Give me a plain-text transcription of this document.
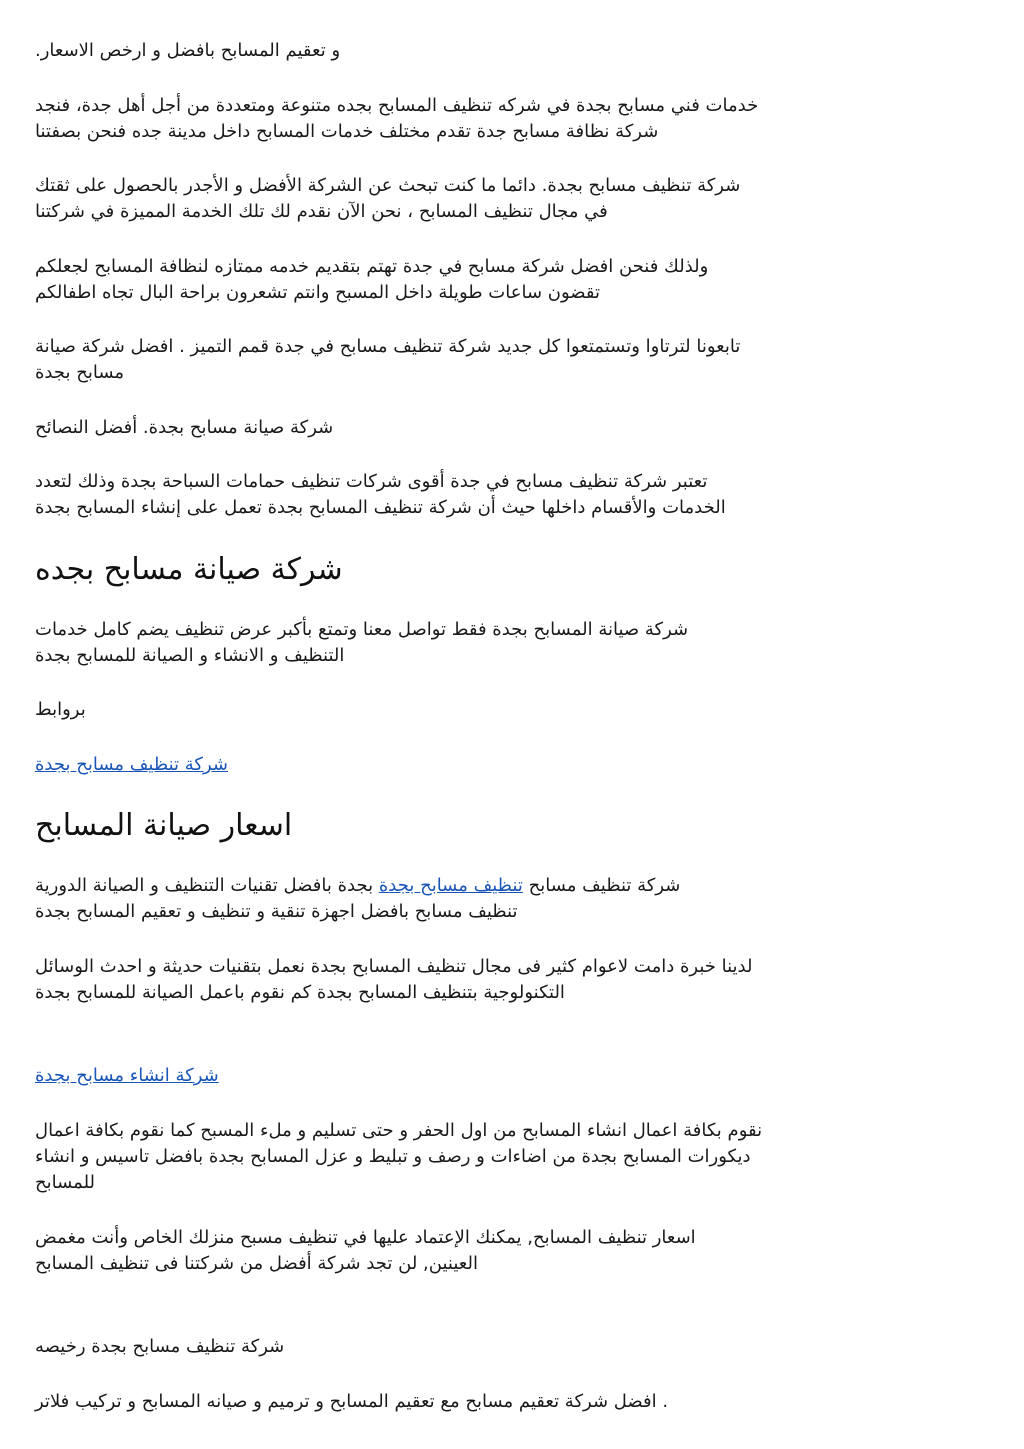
و تعقيم المسابح بافضل و ارخص الاسعار.
خدمات فني مسابح بجدة في شركه تنظيف المسابح بجده متنوعة ومتعددة من أجل أهل جدة، فنجد
شركة نظافة مسابح جدة تقدم مختلف خدمات المسابح داخل مدينة جده فنحن بصفتنا
شركة تنظيف مسابح بجدة. دائما ما كنت تبحث عن الشركة الأفضل و الأجدر بالحصول على ثقتك
في مجال تنظيف المسابح ، نحن الآن نقدم لك تلك الخدمة المميزة في شركتنا
ولذلك فنحن افضل شركة مسابح في جدة تهتم بتقديم خدمه ممتازه لنظافة المسابح لجعلكم
تقضون ساعات طويلة داخل المسبح وانتم تشعرون براحة البال تجاه اطفالكم
تابعونا لترتاوا وتستمتعوا كل جديد شركة تنظيف مسابح في جدة قمم التميز . افضل شركة صيانة
مسابح بجدة
شركة صيانة مسابح بجدة. أفضل النصائح
تعتبر شركة تنظيف مسابح في جدة أقوى شركات تنظيف حمامات السباحة بجدة وذلك لتعدد
الخدمات والأقسام داخلها حيث أن شركة تنظيف المسابح بجدة تعمل على إنشاء المسابح بجدة
شركة صيانة مسابح بجده
شركة صيانة المسابح بجدة فقط تواصل معنا وتمتع بأكبر عرض تنظيف يضم كامل خدمات
التنظيف و الانشاء و الصيانة للمسابح بجدة
بروابط
شركة تنظيف مسابح بجدة
اسعار صيانة المسابح
شركة تنظيف مسابح تنظيف مسابح بجدة بجدة بافضل تقنيات التنظيف و الصيانة الدورية
تنظيف مسابح بافضل اجهزة تنقية و تنظيف و تعقيم المسابح بجدة
لدينا خبرة دامت لاعوام كثير فى مجال تنظيف المسابح بجدة نعمل بتقنيات حديثة و احدث الوسائل
التكنولوجية بتنظيف المسابح بجدة كم نقوم باعمل الصيانة للمسابح بجدة
شركة انشاء مسابح بجدة
نقوم بكافة اعمال انشاء المسابح من اول الحفر و حتى تسليم و ملء المسبح كما نقوم بكافة اعمال
ديكورات المسابح بجدة من اضاءات و رصف و تبليط و عزل المسابح بجدة بافضل تاسيس و انشاء
للمسابح
اسعار تنظيف المسابح, يمكنك الإعتماد عليها في تنظيف مسبح منزلك الخاص وأنت مغمض
العينين, لن تجد شركة أفضل من شركتنا فى تنظيف المسابح
شركة تنظيف مسابح بجدة رخيصه
. افضل شركة تعقيم مسابح مع تعقيم المسابح و ترميم و صيانه المسابح و تركيب فلاتر
